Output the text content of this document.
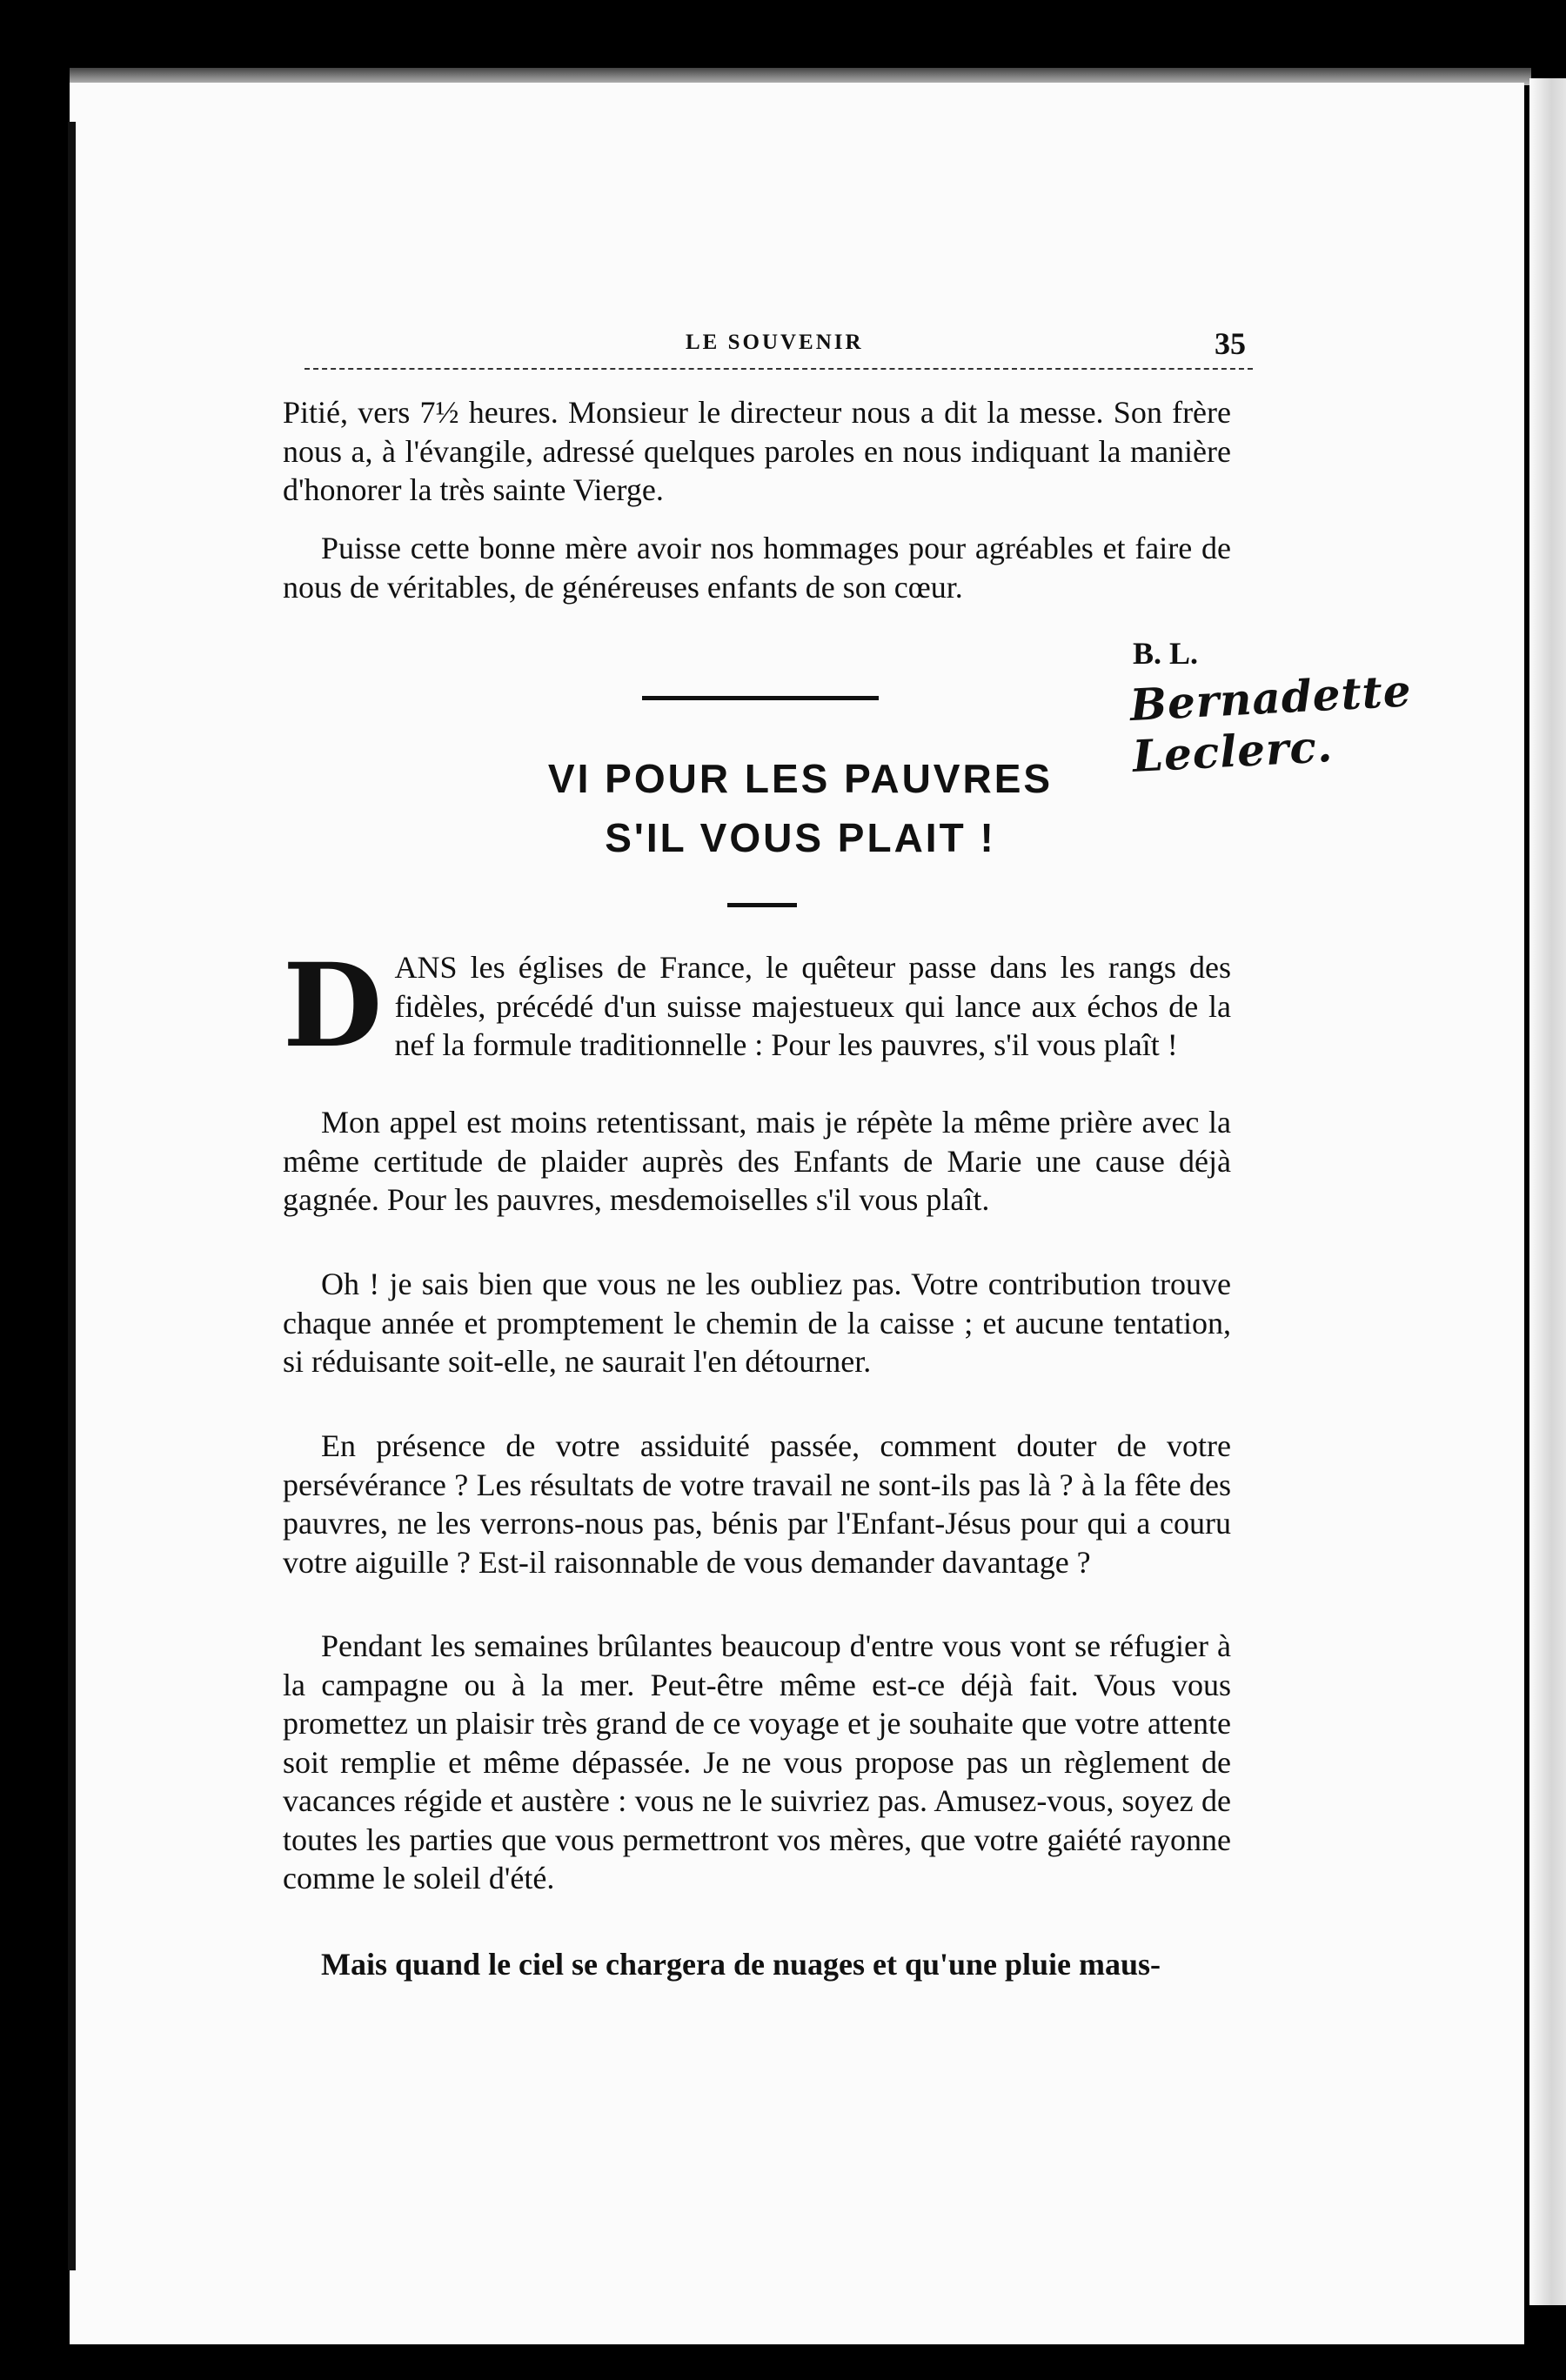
LE SOUVENIR	35
Pitié, vers 7½ heures. Monsieur le directeur nous a dit la messe. Son frère nous a, à l'évangile, adressé quelques paroles en nous indiquant la manière d'honorer la très sainte Vierge.
Puisse cette bonne mère avoir nos hommages pour agréables et faire de nous de véritables, de généreuses enfants de son cœur.
B. L.
Bernadette Leclerc.
VI POUR LES PAUVRES
S'IL VOUS PLAIT !
D ANS les églises de France, le quêteur passe dans les rangs des fidèles, précédé d'un suisse majestueux qui lance aux échos de la nef la formule traditionnelle : Pour les pauvres, s'il vous plaît !

Mon appel est moins retentissant, mais je répète la même prière avec la même certitude de plaider auprès des Enfants de Marie une cause déjà gagnée. Pour les pauvres, mesdemoiselles s'il vous plaît.
Oh ! je sais bien que vous ne les oubliez pas. Votre contribution trouve chaque année et promptement le chemin de la caisse ; et aucune tentation, si réduisante soit-elle, ne saurait l'en détourner.
En présence de votre assiduité passée, comment douter de votre persévérance ? Les résultats de votre travail ne sont-ils pas là ? à la fête des pauvres, ne les verrons-nous pas, bénis par l'Enfant-Jésus pour qui a couru votre aiguille ? Est-il raisonnable de vous demander davantage ?
Pendant les semaines brûlantes beaucoup d'entre vous vont se réfugier à la campagne ou à la mer. Peut-être même est-ce déjà fait. Vous vous promettez un plaisir très grand de ce voyage et je souhaite que votre attente soit remplie et même dépassée. Je ne vous propose pas un règlement de vacances régide et austère : vous ne le suivriez pas. Amusez-vous, soyez de toutes les parties que vous permettront vos mères, que votre gaiété rayonne comme le soleil d'été.
Mais quand le ciel se chargera de nuages et qu'une pluie maus-
